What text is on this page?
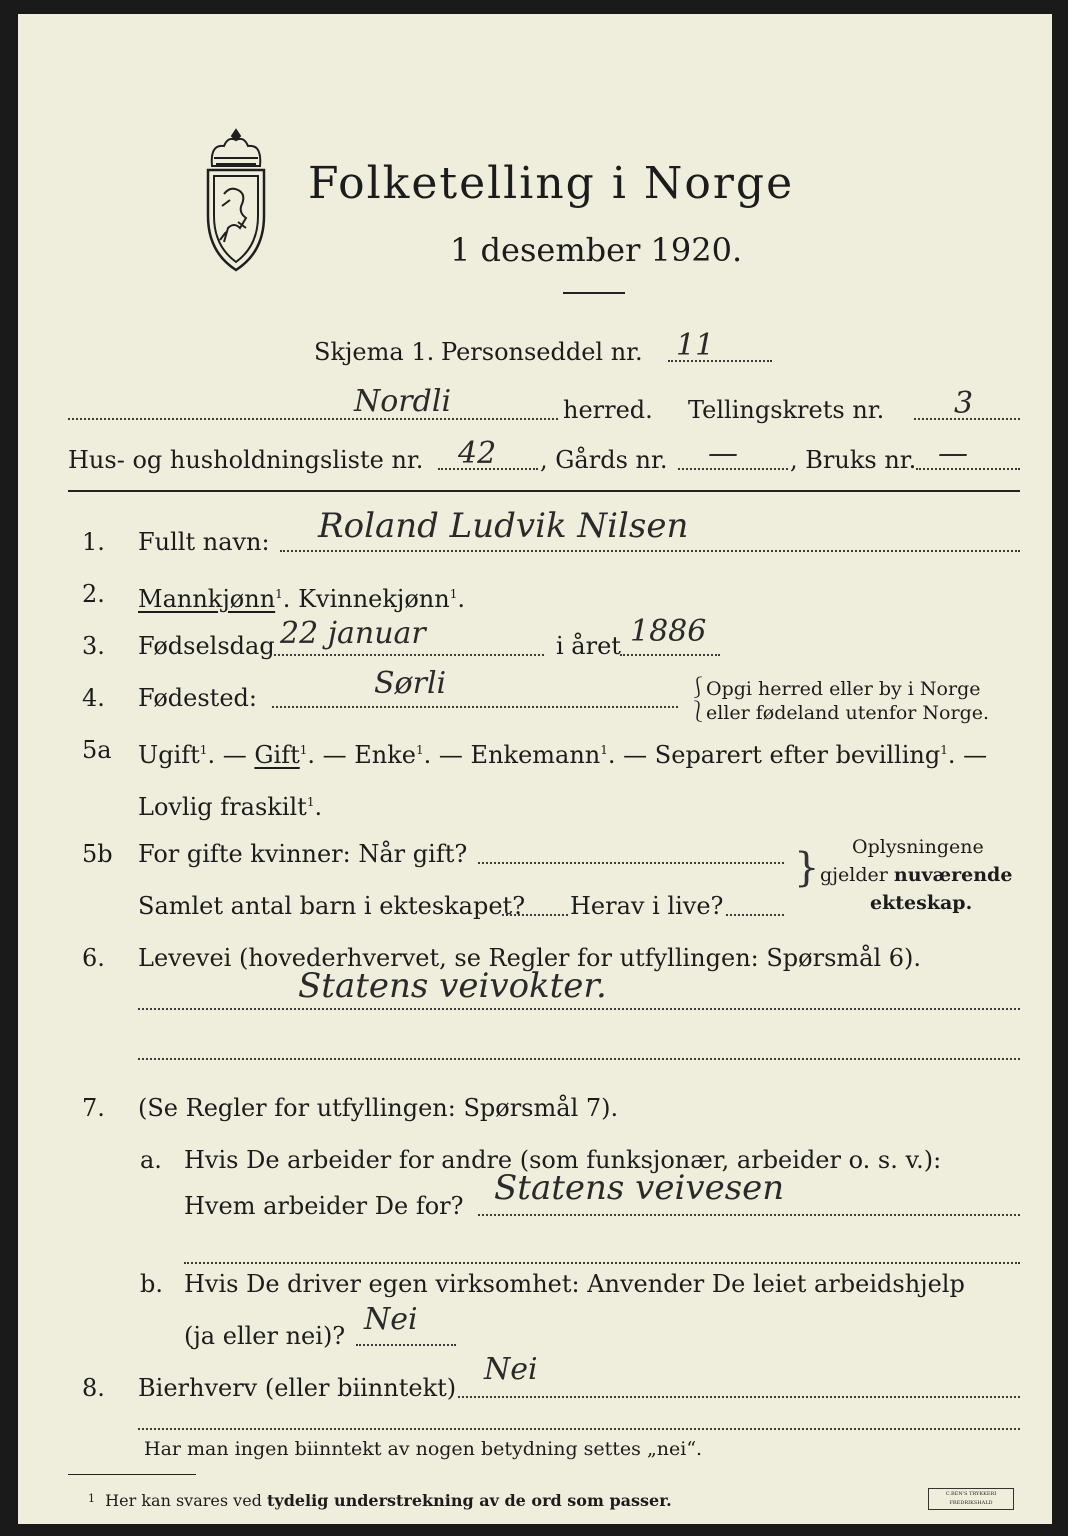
Folketelling i Norge
1 desember 1920.
Skjema 1. Personseddel nr. 11
Nordli	herred. Tellingskrets nr. 3
Hus- og husholdningsliste nr. 42 , Gårds nr. — , Bruks nr. —
1. Fullt navn: Roland Ludvik Nilsen
2. Mannkjønn$^1$. Kvinnekjønn$^1$.
3. Fødselsdag 22 januar	i året 1886
4. Fødested:	Sørli	⎰
⎱
Opgi herred eller by i Norge
eller fødeland utenfor Norge.
5a Ugift$^1$. — Gift$^1$. — Enke$^1$. — Enkemann$^1$. — Separert efter bevilling$^1$. —
Lovlig fraskilt$^1$.
5b For gifte kvinner: Når gift?
Samlet antal barn i ekteskapet? Herav i live?
} Oplysningene
gjelder nuværende
ekteskap.
6. Levevei (hovederhvervet, se Regler for utfyllingen: Spørsmål 6).
Statens veivokter.
7. (Se Regler for utfyllingen: Spørsmål 7).
a. Hvis De arbeider for andre (som funksjonær, arbeider o. s. v.):
Hvem arbeider De for? Statens veivesen
b. Hvis De driver egen virksomhet: Anvender De leiet arbeidshjelp
(ja eller nei)? Nei
8. Bierhverv (eller biinntekt)
Nei
Har man ingen biinntekt av nogen betydning settes „nei“.
$^1$ Her kan svares ved tydelig understrekning av de ord som passer.	C.BEN'S TRYKKERI FREDRIKSHALD
